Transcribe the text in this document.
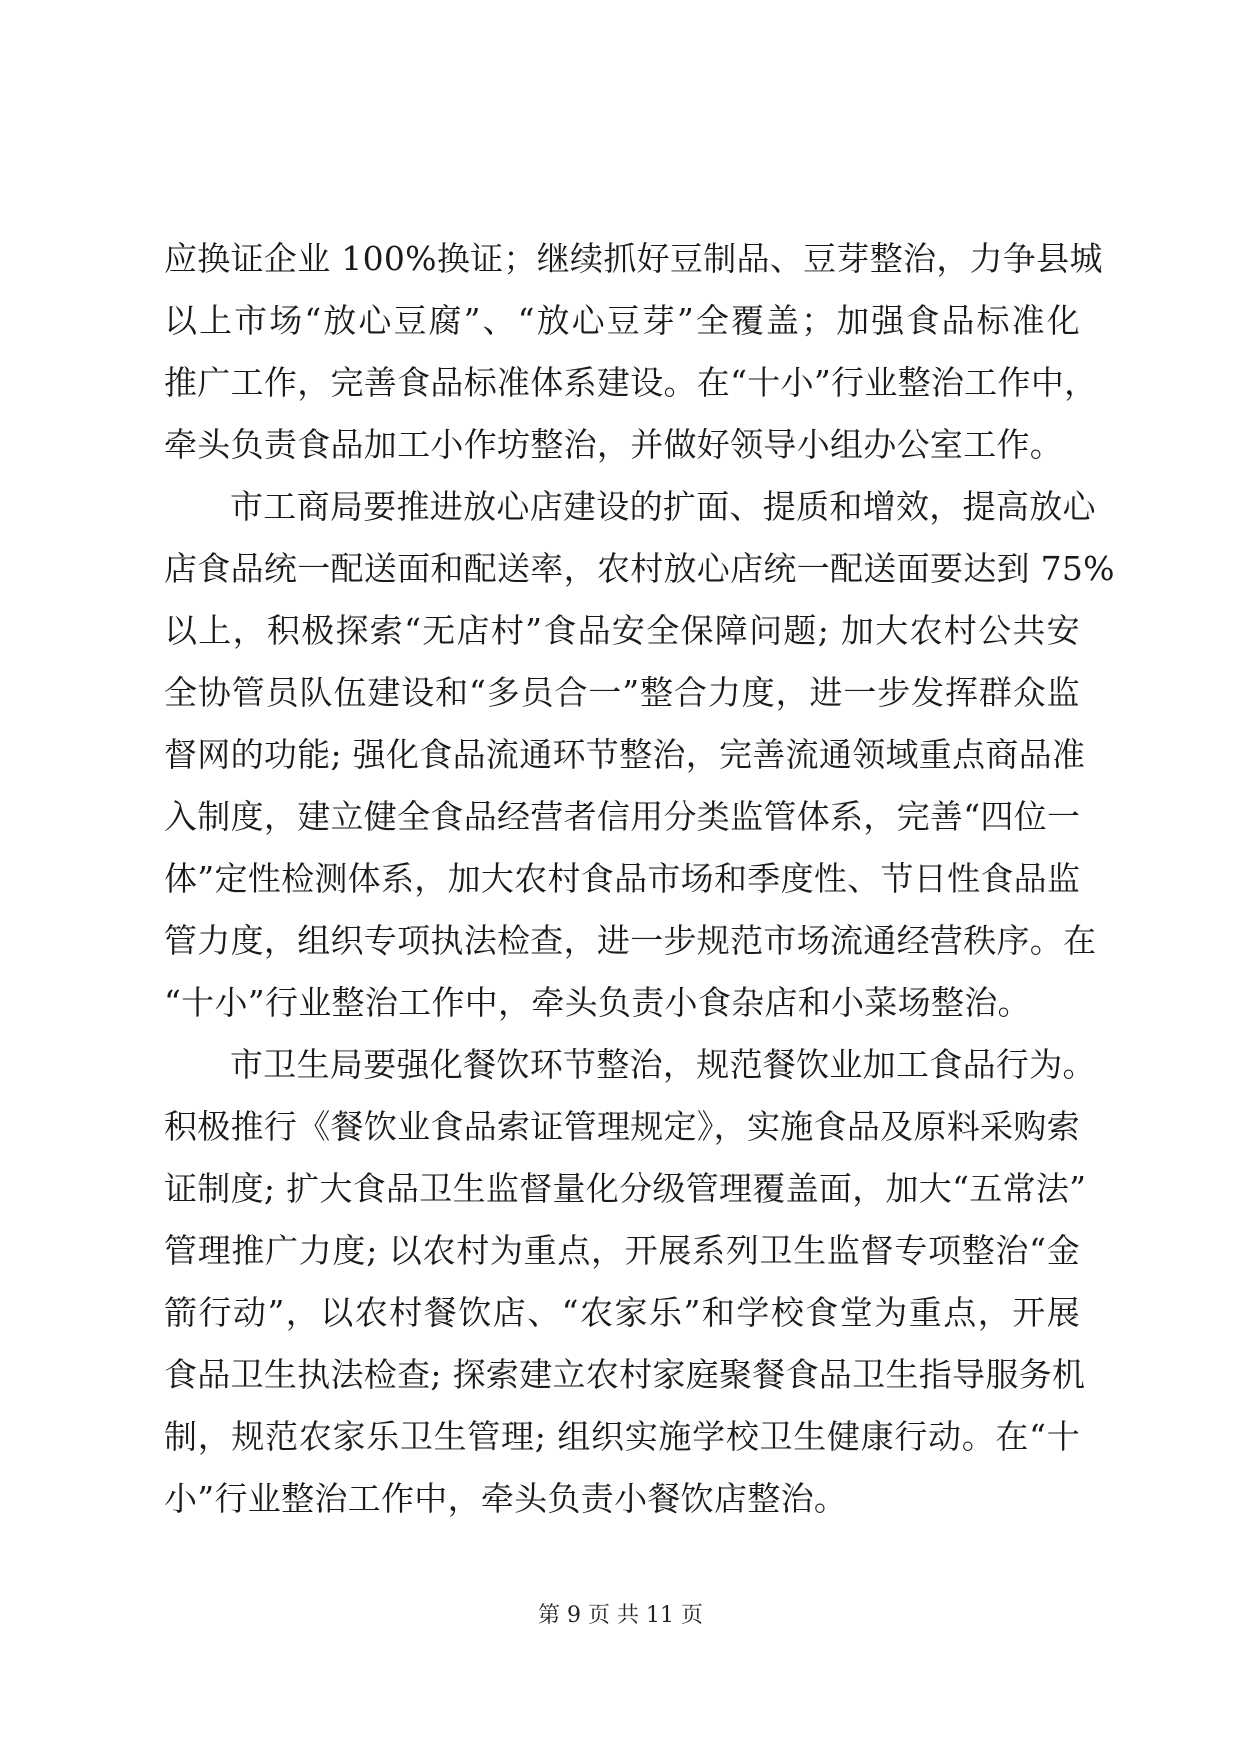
应换证企业 100%换证；继续抓好豆制品、豆芽整治，力争县城
以上市场“放心豆腐”、“放心豆芽”全覆盖；加强食品标准化
推广工作，完善食品标准体系建设。在“十小”行业整治工作中，
牵头负责食品加工小作坊整治，并做好领导小组办公室工作。
市工商局要推进放心店建设的扩面、提质和增效，提高放心
店食品统一配送面和配送率，农村放心店统一配送面要达到 75%
以上，积极探索“无店村”食品安全保障问题; 加大农村公共安
全协管员队伍建设和“多员合一”整合力度，进一步发挥群众监
督网的功能; 强化食品流通环节整治，完善流通领域重点商品准
入制度，建立健全食品经营者信用分类监管体系，完善“四位一
体”定性检测体系，加大农村食品市场和季度性、节日性食品监
管力度，组织专项执法检查，进一步规范市场流通经营秩序。在
“十小”行业整治工作中，牵头负责小食杂店和小菜场整治。
市卫生局要强化餐饮环节整治，规范餐饮业加工食品行为。
积极推行《餐饮业食品索证管理规定》，实施食品及原料采购索
证制度; 扩大食品卫生监督量化分级管理覆盖面，加大“五常法”
管理推广力度; 以农村为重点，开展系列卫生监督专项整治“金
箭行动”，以农村餐饮店、“农家乐”和学校食堂为重点，开展
食品卫生执法检查; 探索建立农村家庭聚餐食品卫生指导服务机
制，规范农家乐卫生管理; 组织实施学校卫生健康行动。在“十
小”行业整治工作中，牵头负责小餐饮店整治。
第 9 页 共 11 页
